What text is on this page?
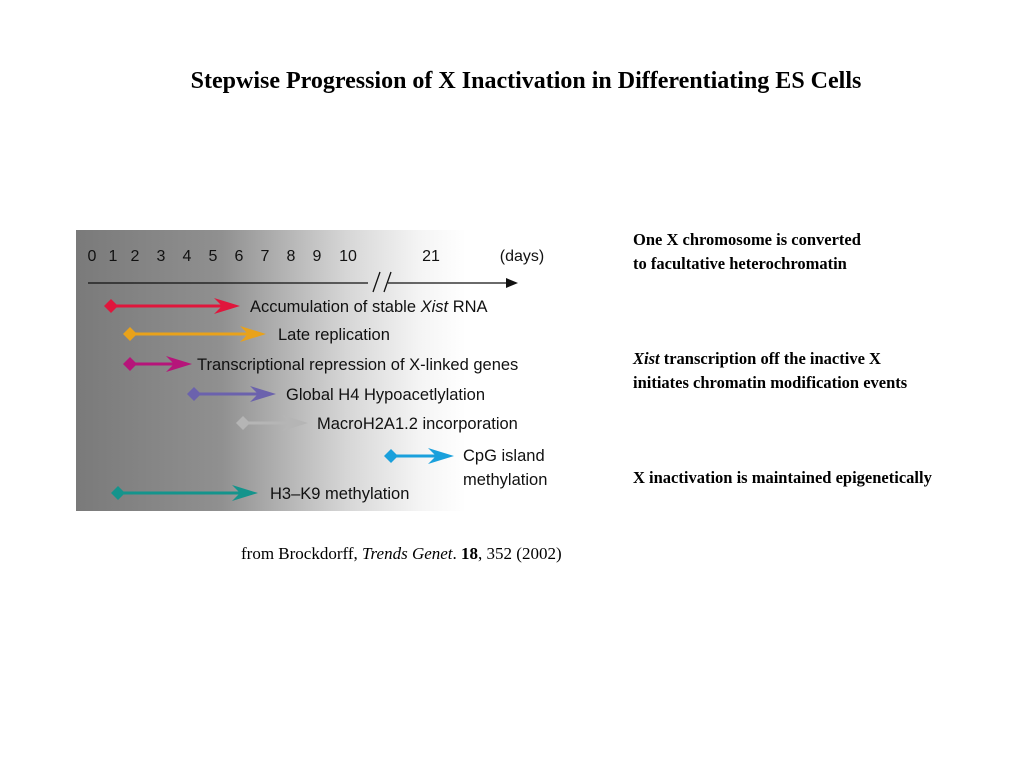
Stepwise Progression of X Inactivation in Differentiating ES Cells
0 1 2 3 4 5 6 7 8 9 10	21	(days)
Accumulation of stable Xist RNA
Late replication
Transcriptional repression of X-linked genes
Global H4 Hypoacetlylation
MacroH2A1.2 incorporation
CpG island
methylation
H3–K9 methylation
One X chromosome is converted
to facultative heterochromatin
Xist transcription off the inactive X
initiates chromatin modification events
X inactivation is maintained epigenetically
from Brockdorff, Trends Genet. 18, 352 (2002)
